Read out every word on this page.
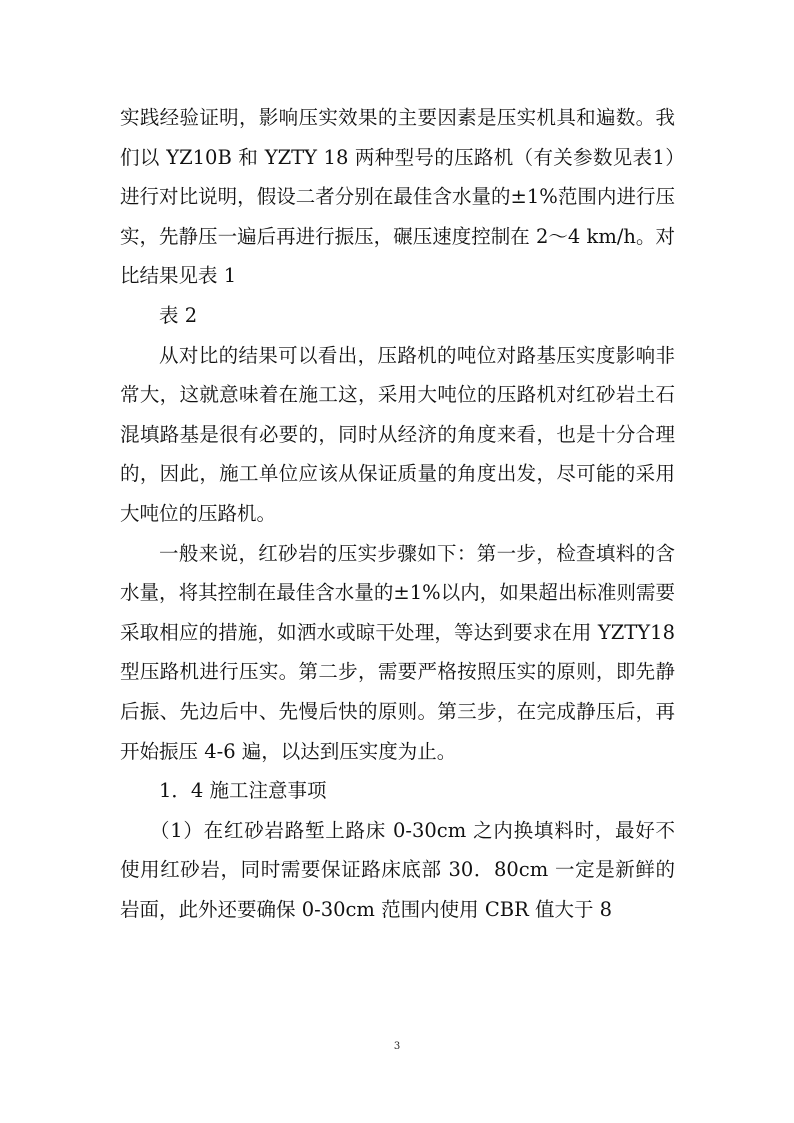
实践经验证明，影响压实效果的主要因素是压实机具和遍数。我们以 YZ10B 和 YZTY 18 两种型号的压路机（有关参数见表1）进行对比说明，假设二者分别在最佳含水量的±1%范围内进行压实，先静压一遍后再进行振压，碾压速度控制在 2～4 km/h。对比结果见表 1

表 2

从对比的结果可以看出，压路机的吨位对路基压实度影响非常大，这就意味着在施工这，采用大吨位的压路机对红砂岩土石混填路基是很有必要的，同时从经济的角度来看，也是十分合理的，因此，施工单位应该从保证质量的角度出发，尽可能的采用大吨位的压路机。

一般来说，红砂岩的压实步骤如下：第一步，检查填料的含水量，将其控制在最佳含水量的±1%以内，如果超出标准则需要采取相应的措施，如洒水或晾干处理，等达到要求在用 YZTY18 型压路机进行压实。第二步，需要严格按照压实的原则，即先静后振、先边后中、先慢后快的原则。第三步，在完成静压后，再开始振压 4-6 遍，以达到压实度为止。

1．4 施工注意事项

（1）在红砂岩路堑上路床 0-30cm 之内换填料时，最好不使用红砂岩，同时需要保证路床底部 30．80cm 一定是新鲜的岩面，此外还要确保 0-30cm 范围内使用 CBR 值大于 8

3
